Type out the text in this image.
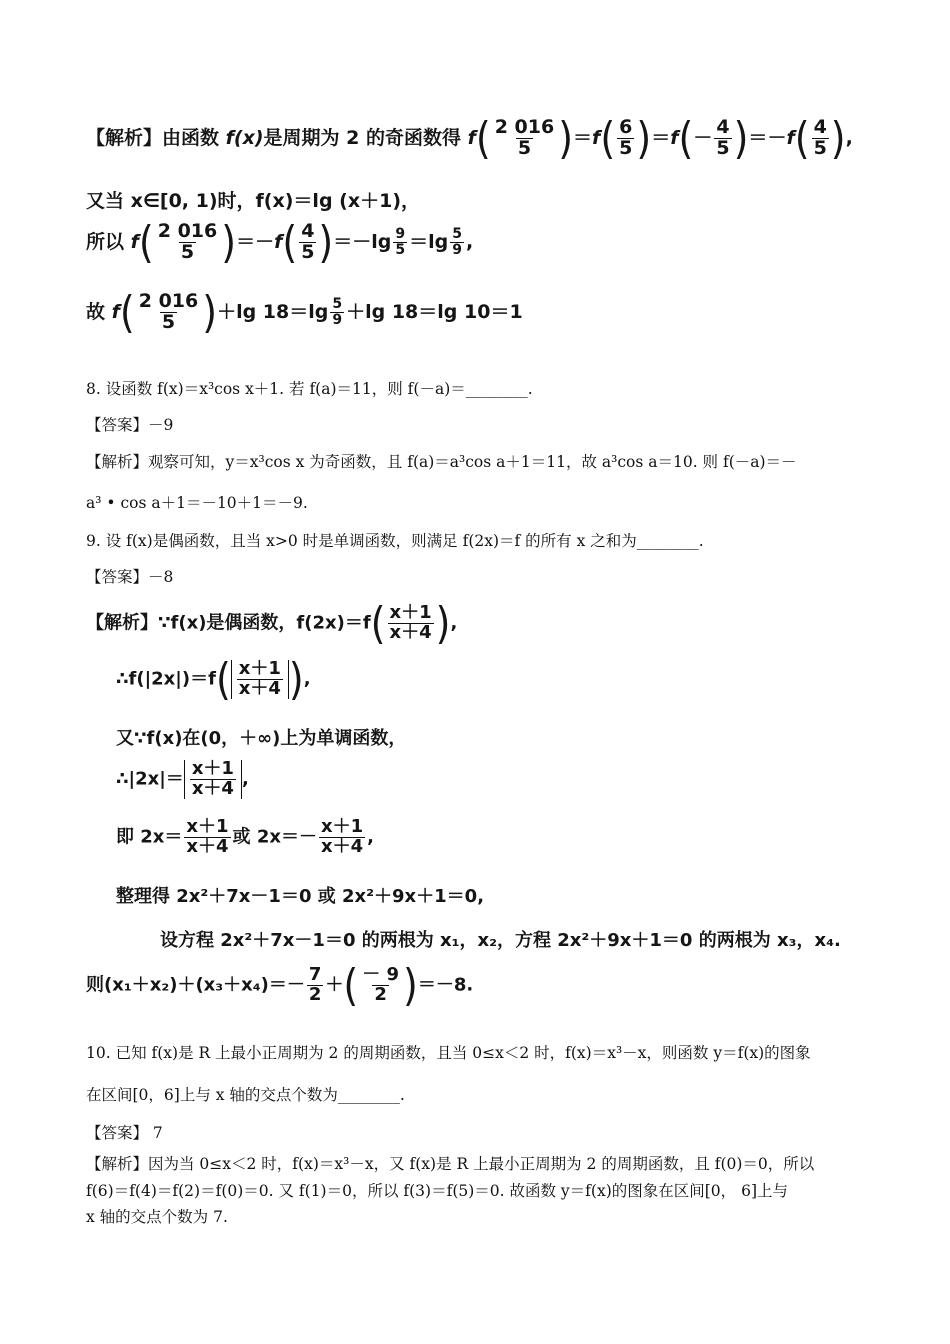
【解析】由函数 f(x)是周期为 2 的奇函数得 $f( \frac{2 016}{5} )=f( \frac{6}{5} )=f(- \frac{4}{5} )=-f( \frac{4}{5}$ ),
又当 x∈[0, 1)时，f(x)＝lg (x＋1)，
所以 $f( \frac{2 016}{5} )=-f( \frac{4}{5} )=-\lg \frac{9}{5} =\lg \frac{5}{9}$ ,
故 $f( \frac{2 016}{5} )+\lg$ $18=\lg \frac{5}{9} +\lg$ 18＝lg 10＝1
8. 设函数 f(x)＝x³cos x＋1. 若 f(a)＝11，则 f(－a)＝________.
【答案】－9
【解析】观察可知，y＝x³cos x 为奇函数，且 f(a)＝a³cos a＋1＝11，故 a³cos a＝10. 则 f(－a)＝－
a³ • cos a＋1＝－10＋1＝－9.
9. 设 f(x)是偶函数，且当 x>0 时是单调函数，则满足 f(2x)＝f 的所有 x 之和为________.
【答案】－8
【解析】∵f(x)是偶函数，$f(2x)=f( \frac{x+1}{x+4}$ ),
∴f(|2x|)＝f( $\frac{x+1}{x+4}$ ),
又∵f(x)在(0，＋∞)上为单调函数，
∴|2x|＝ $\frac{x+1}{x+4}$ ,
即 $2x= \frac{x+1}{x+4}$ 或 $2x=- \frac{x+1}{x+4}$ ,
整理得 2x²＋7x－1＝0 或 2x²＋9x＋1＝0,
设方程 2x²＋7x－1＝0 的两根为 x₁，x₂，方程 2x²＋9x＋1＝0 的两根为 x₃，x₄.
则$(x_1+x_2)+(x_3+x_4)=- \frac{7}{2}$ ＋( $\frac{- 9}{2} )=-8$.
10. 已知 f(x)是 R 上最小正周期为 2 的周期函数，且当 0≤x＜2 时，f(x)＝x³－x，则函数 y＝f(x)的图象
在区间[0，6]上与 x 轴的交点个数为________.
【答案】 7
【解析】因为当 0≤x＜2 时，f(x)＝x³－x，又 f(x)是 R 上最小正周期为 2 的周期函数，且 f(0)＝0，所以
f(6)＝f(4)＝f(2)＝f(0)＝0. 又 f(1)＝0，所以 f(3)＝f(5)＝0. 故函数 y＝f(x)的图象在区间[0， 6]上与
x 轴的交点个数为 7.
